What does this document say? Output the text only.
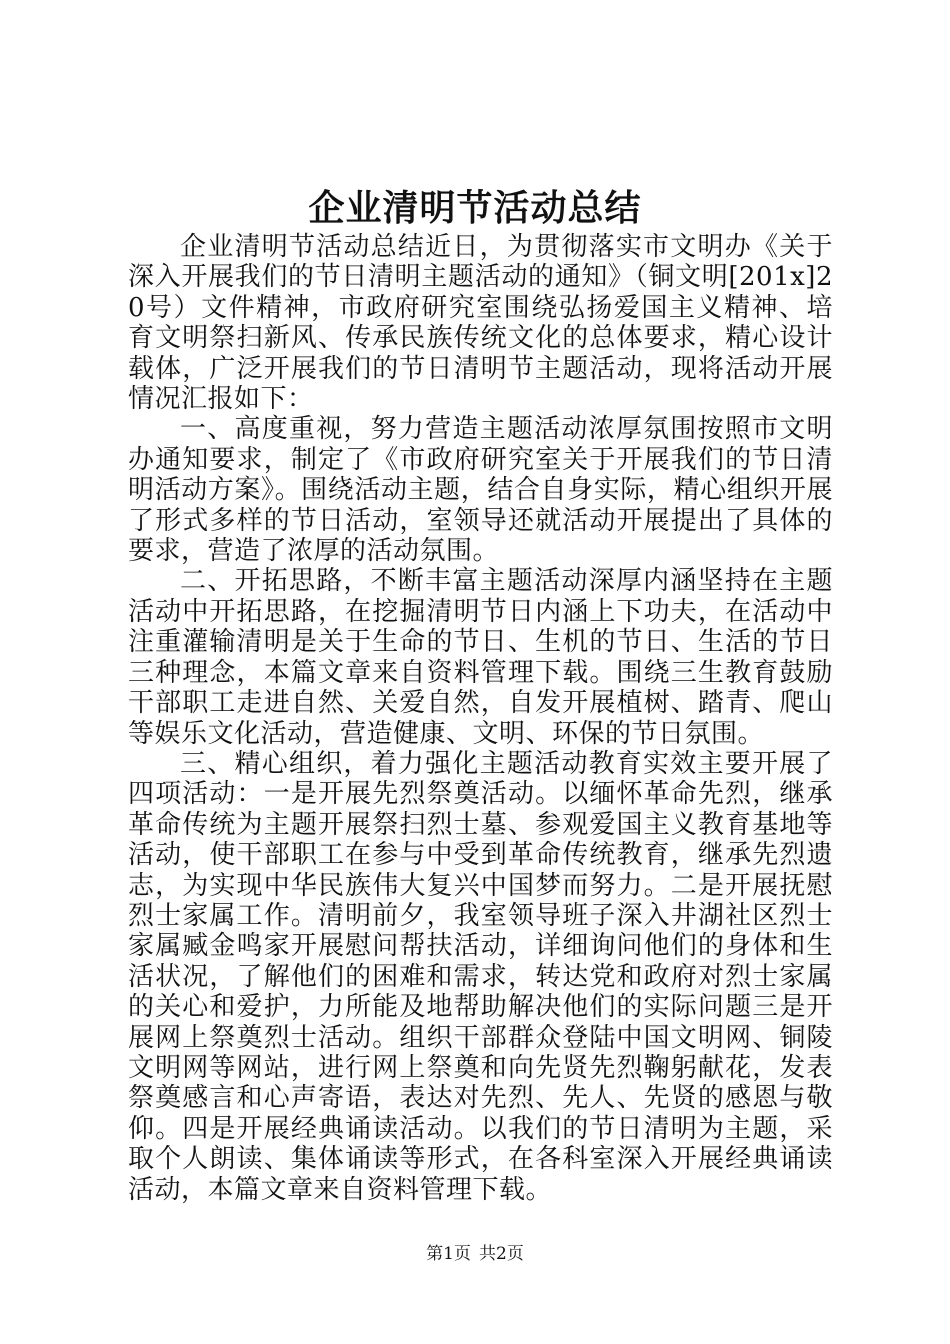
企业清明节活动总结

企业清明节活动总结近日，为贯彻落实市文明办《关于深入开展我们的节日清明主题活动的通知》（铜文明[201x]20号）文件精神，市政府研究室围绕弘扬爱国主义精神、培育文明祭扫新风、传承民族传统文化的总体要求，精心设计载体，广泛开展我们的节日清明节主题活动，现将活动开展情况汇报如下：

一、高度重视，努力营造主题活动浓厚氛围按照市文明办通知要求，制定了《市政府研究室关于开展我们的节日清明活动方案》。围绕活动主题，结合自身实际，精心组织开展了形式多样的节日活动，室领导还就活动开展提出了具体的要求，营造了浓厚的活动氛围。

二、开拓思路，不断丰富主题活动深厚内涵坚持在主题活动中开拓思路，在挖掘清明节日内涵上下功夫，在活动中注重灌输清明是关于生命的节日、生机的节日、生活的节日三种理念，本篇文章来自资料管理下载。围绕三生教育鼓励干部职工走进自然、关爱自然，自发开展植树、踏青、爬山等娱乐文化活动，营造健康、文明、环保的节日氛围。

三、精心组织，着力强化主题活动教育实效主要开展了四项活动：一是开展先烈祭奠活动。以缅怀革命先烈，继承革命传统为主题开展祭扫烈士墓、参观爱国主义教育基地等活动，使干部职工在参与中受到革命传统教育，继承先烈遗志，为实现中华民族伟大复兴中国梦而努力。二是开展抚慰烈士家属工作。清明前夕，我室领导班子深入井湖社区烈士家属臧金鸣家开展慰问帮扶活动，详细询问他们的身体和生活状况，了解他们的困难和需求，转达党和政府对烈士家属的关心和爱护，力所能及地帮助解决他们的实际问题三是开展网上祭奠烈士活动。组织干部群众登陆中国文明网、铜陵文明网等网站，进行网上祭奠和向先贤先烈鞠躬献花，发表祭奠感言和心声寄语，表达对先烈、先人、先贤的感恩与敬仰。四是开展经典诵读活动。以我们的节日清明为主题，采取个人朗读、集体诵读等形式，在各科室深入开展经典诵读活动，本篇文章来自资料管理下载。

第1页 共2页
